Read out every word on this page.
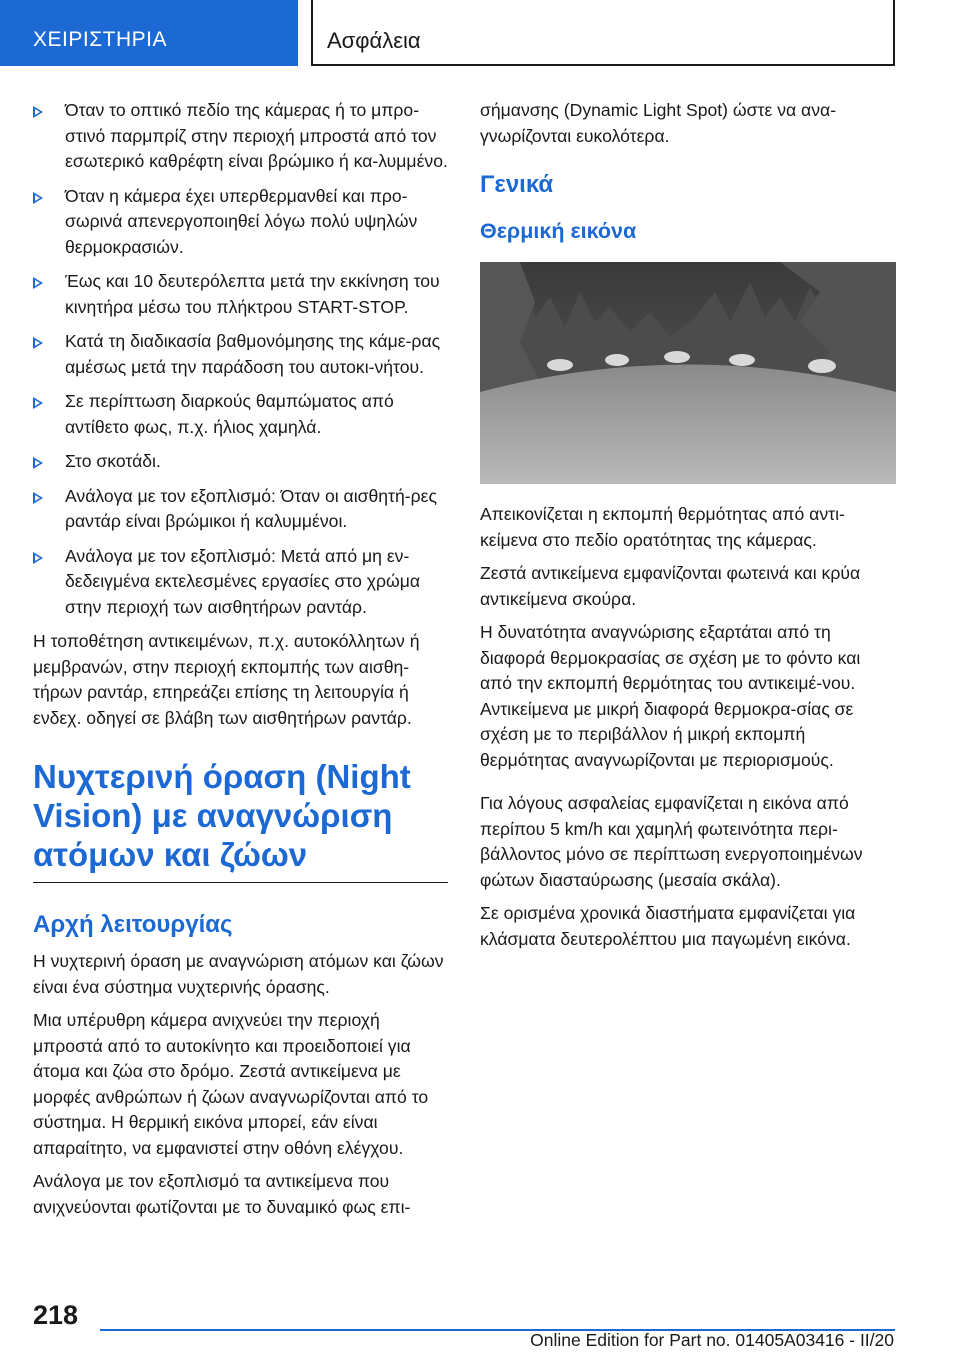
ΧΕΙΡΙΣΤΗΡΙΑ	Ασφάλεια
Όταν το οπτικό πεδίο της κάμερας ή το μπρο-στινό παρμπρίζ στην περιοχή μπροστά από τον εσωτερικό καθρέφτη είναι βρώμικο ή κα-λυμμένο.
Όταν η κάμερα έχει υπερθερμανθεί και προ-σωρινά απενεργοποιηθεί λόγω πολύ υψηλών θερμοκρασιών.
Έως και 10 δευτερόλεπτα μετά την εκκίνηση του κινητήρα μέσω του πλήκτρου START-STOP.
Κατά τη διαδικασία βαθμονόμησης της κάμε-ρας αμέσως μετά την παράδοση του αυτοκι-νήτου.
Σε περίπτωση διαρκούς θαμπώματος από αντίθετο φως, π.χ. ήλιος χαμηλά.
Στο σκοτάδι.
Ανάλογα με τον εξοπλισμό: Όταν οι αισθητή-ρες ραντάρ είναι βρώμικοι ή καλυμμένοι.
Ανάλογα με τον εξοπλισμό: Μετά από μη εν-δεδειγμένα εκτελεσμένες εργασίες στο χρώμα στην περιοχή των αισθητήρων ραντάρ.

Η τοποθέτηση αντικειμένων, π.χ. αυτοκόλλητων ή μεμβρανών, στην περιοχή εκπομπής των αισθη-τήρων ραντάρ, επηρεάζει επίσης τη λειτουργία ή ενδεχ. οδηγεί σε βλάβη των αισθητήρων ραντάρ.

Νυχτερινή όραση (Night Vision) με αναγνώριση ατόμων και ζώων
Αρχή λειτουργίας

Η νυχτερινή όραση με αναγνώριση ατόμων και ζώων είναι ένα σύστημα νυχτερινής όρασης.

Μια υπέρυθρη κάμερα ανιχνεύει την περιοχή μπροστά από το αυτοκίνητο και προειδοποιεί για άτομα και ζώα στο δρόμο. Ζεστά αντικείμενα με μορφές ανθρώπων ή ζώων αναγνωρίζονται από το σύστημα. Η θερμική εικόνα μπορεί, εάν είναι απαραίτητο, να εμφανιστεί στην οθόνη ελέγχου.

Ανάλογα με τον εξοπλισμό τα αντικείμενα που ανιχνεύονται φωτίζονται με το δυναμικό φως επι-

σήμανσης (Dynamic Light Spot) ώστε να ανα-γνωρίζονται ευκολότερα.

Γενικά
Θερμική εικόνα

Απεικονίζεται η εκπομπή θερμότητας από αντι-κείμενα στο πεδίο ορατότητας της κάμερας.

Ζεστά αντικείμενα εμφανίζονται φωτεινά και κρύα αντικείμενα σκούρα.

Η δυνατότητα αναγνώρισης εξαρτάται από τη διαφορά θερμοκρασίας σε σχέση με το φόντο και από την εκπομπή θερμότητας του αντικειμέ-νου. Αντικείμενα με μικρή διαφορά θερμοκρα-σίας σε σχέση με το περιβάλλον ή μικρή εκπομπή θερμότητας αναγνωρίζονται με περιορισμούς.

Για λόγους ασφαλείας εμφανίζεται η εικόνα από περίπου 5 km/h και χαμηλή φωτεινότητα περι-βάλλοντος μόνο σε περίπτωση ενεργοποιημένων φώτων διασταύρωσης (μεσαία σκάλα).

Σε ορισμένα χρονικά διαστήματα εμφανίζεται για κλάσματα δευτερολέπτου μια παγωμένη εικόνα.

218
Online Edition for Part no. 01405A03416 - II/20
